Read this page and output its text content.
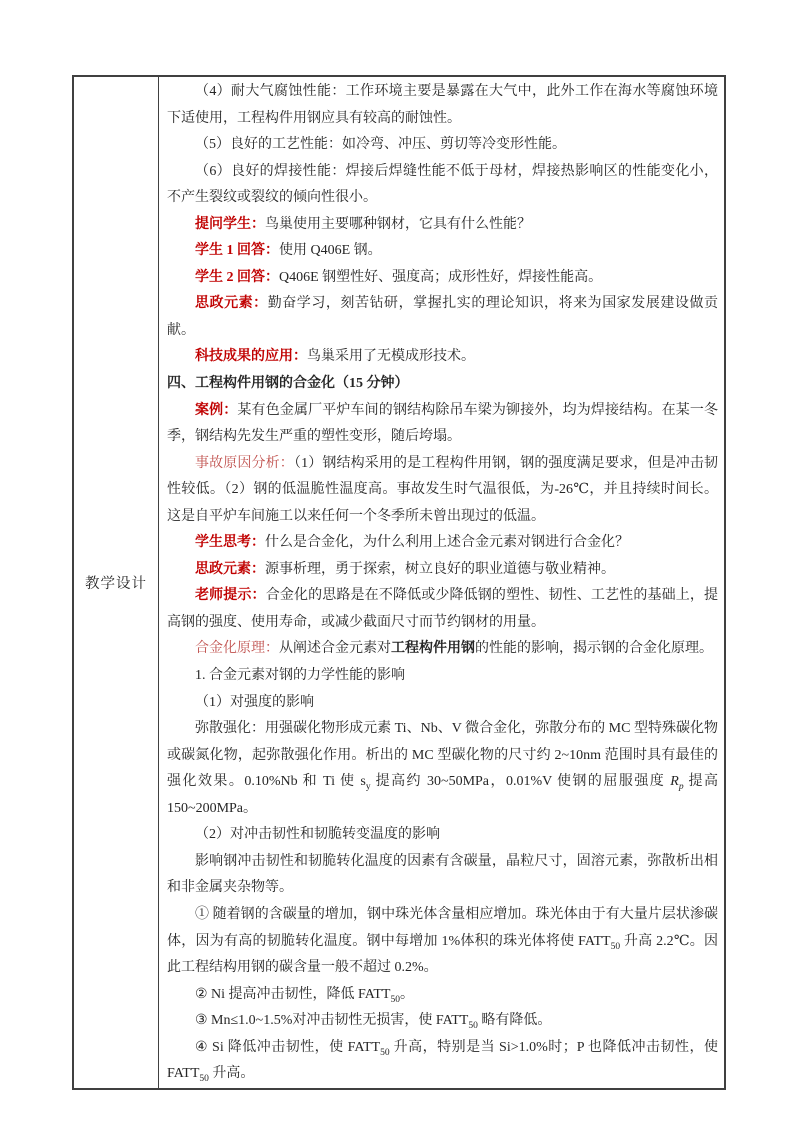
教学设计	

（4）耐大气腐蚀性能：工作环境主要是暴露在大气中，此外工作在海水等腐蚀环境下适使用，工程构件用钢应具有较高的耐蚀性。

（5）良好的工艺性能：如冷弯、冲压、剪切等冷变形性能。

（6）良好的焊接性能：焊接后焊缝性能不低于母材，焊接热影响区的性能变化小，不产生裂纹或裂纹的倾向性很小。

提问学生：鸟巢使用主要哪种钢材，它具有什么性能？

学生 1 回答：使用 Q406E 钢。

学生 2 回答：Q406E 钢塑性好、强度高；成形性好，焊接性能高。

思政元素：勤奋学习，刻苦钻研，掌握扎实的理论知识，将来为国家发展建设做贡献。

科技成果的应用：鸟巢采用了无模成形技术。

四、工程构件用钢的合金化（15 分钟）

案例：某有色金属厂平炉车间的钢结构除吊车梁为铆接外，均为焊接结构。在某一冬季，钢结构先发生严重的塑性变形，随后垮塌。

事故原因分析：（1）钢结构采用的是工程构件用钢，钢的强度满足要求，但是冲击韧性较低。（2）钢的低温脆性温度高。事故发生时气温很低，为-26℃，并且持续时间长。这是自平炉车间施工以来任何一个冬季所未曾出现过的低温。

学生思考：什么是合金化，为什么利用上述合金元素对钢进行合金化？

思政元素：源事析理，勇于探索，树立良好的职业道德与敬业精神。

老师提示：合金化的思路是在不降低或少降低钢的塑性、韧性、工艺性的基础上，提高钢的强度、使用寿命，或减少截面尺寸而节约钢材的用量。

合金化原理：从阐述合金元素对工程构件用钢的性能的影响，揭示钢的合金化原理。

1. 合金元素对钢的力学性能的影响

（1）对强度的影响

弥散强化：用强碳化物形成元素 Ti、Nb、V 微合金化，弥散分布的 MC 型特殊碳化物或碳氮化物，起弥散强化作用。析出的 MC 型碳化物的尺寸约 2~10nm 范围时具有最佳的强化效果。0.10%Nb 和 Ti 使 $s_y$ 提高约 30~50MPa，0.01%V 使钢的屈服强度 $R_p$ 提高 150~200MPa。

（2）对冲击韧性和韧脆转变温度的影响

影响钢冲击韧性和韧脆转化温度的因素有含碳量，晶粒尺寸，固溶元素，弥散析出相和非金属夹杂物等。

① 随着钢的含碳量的增加，钢中珠光体含量相应增加。珠光体由于有大量片层状渗碳体，因为有高的韧脆转化温度。钢中每增加 1%体积的珠光体将使 $FATT_{50}$ 升高 2.2℃。因此工程结构用钢的碳含量一般不超过 0.2%。

② Ni 提高冲击韧性，降低 $FATT_{50}$。

③ Mn≤1.0~1.5%对冲击韧性无损害，使 $FATT_{50}$ 略有降低。

④ Si 降低冲击韧性，使 $FATT_{50}$ 升高，特别是当 Si>1.0%时；P 也降低冲击韧性，使 $FATT_{50}$ 升高。
